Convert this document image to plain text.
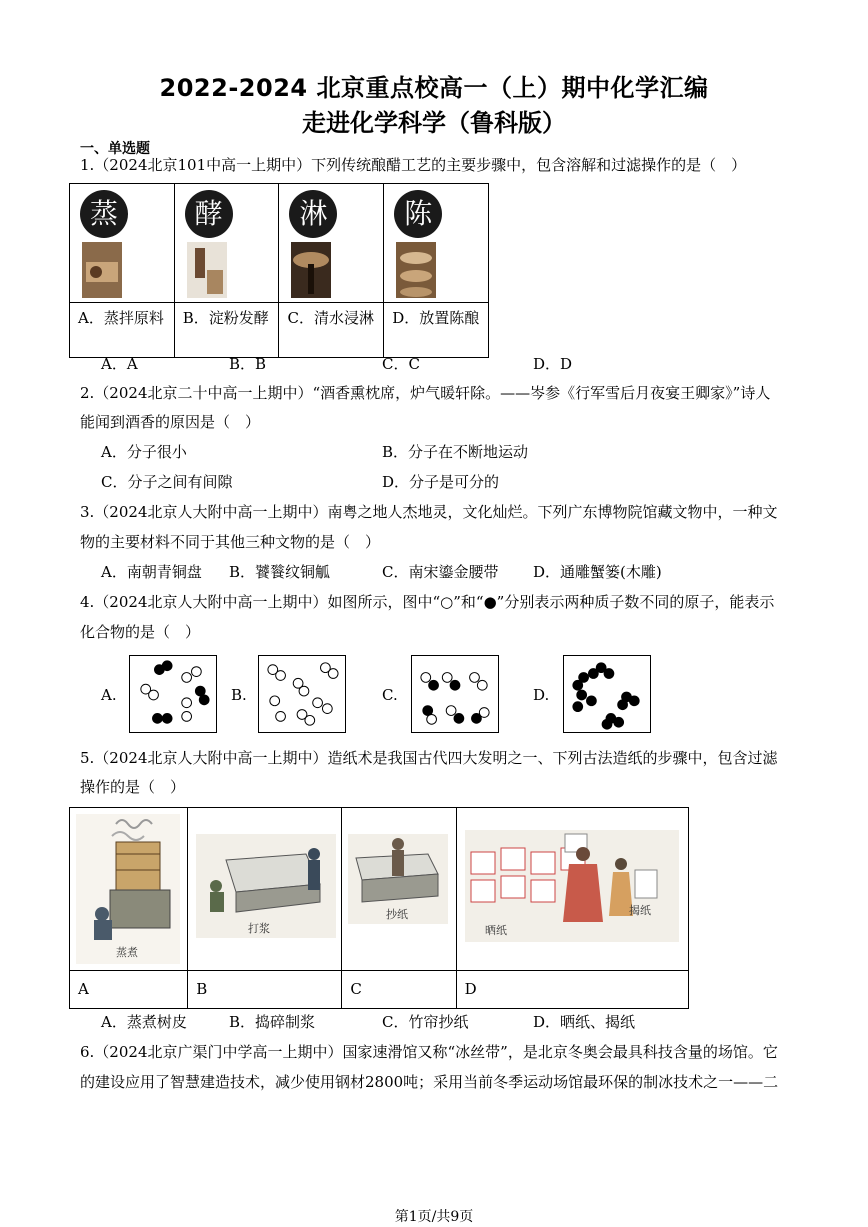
2022-2024 北京重点校高一（上）期中化学汇编
走进化学科学（鲁科版）
一、单选题
1.（2024北京101中高一上期中）下列传统酿醋工艺的主要步骤中，包含溶解和过滤操作的是（　）
蒸	酵	淋	陈

A．蒸拌原料	B．淀粉发酵	C．清水浸淋	D．放置陈酿
A．A	B．B	C．C	D．D
2.（2024北京二十中高一上期中）“酒香熏枕席，炉气暖轩除。——岑参《行军雪后月夜宴王卿家》”诗人
能闻到酒香的原因是（　）
A．分子很小	B．分子在不断地运动
C．分子之间有间隙	D．分子是可分的
3.（2024北京人大附中高一上期中）南粤之地人杰地灵，文化灿烂。下列广东博物院馆藏文物中，一种文
物的主要材料不同于其他三种文物的是（　）
A．南朝青铜盘 B．饕餮纹铜觚	C．南宋鎏金腰带 D．通雕蟹篓(木雕)
4.（2024北京人大附中高一上期中）如图所示，图中“○”和“●”分别表示两种质子数不同的原子，能表示
化合物的是（　）
A.	B.	C.	D.
5.（2024北京人大附中高一上期中）造纸术是我国古代四大发明之一、下列古法造纸的步骤中，包含过滤
操作的是（　）
蒸煮	打浆	抄纸	晒纸
揭纸

A	B	C	D
A．蒸煮树皮	B．捣碎制浆	C．竹帘抄纸	D．晒纸、揭纸
6.（2024北京广渠门中学高一上期中）国家速滑馆又称“冰丝带”，是北京冬奥会最具科技含量的场馆。它
的建设应用了智慧建造技术，减少使用钢材2800吨；采用当前冬季运动场馆最环保的制冰技术之一——二
第1页/共9页
